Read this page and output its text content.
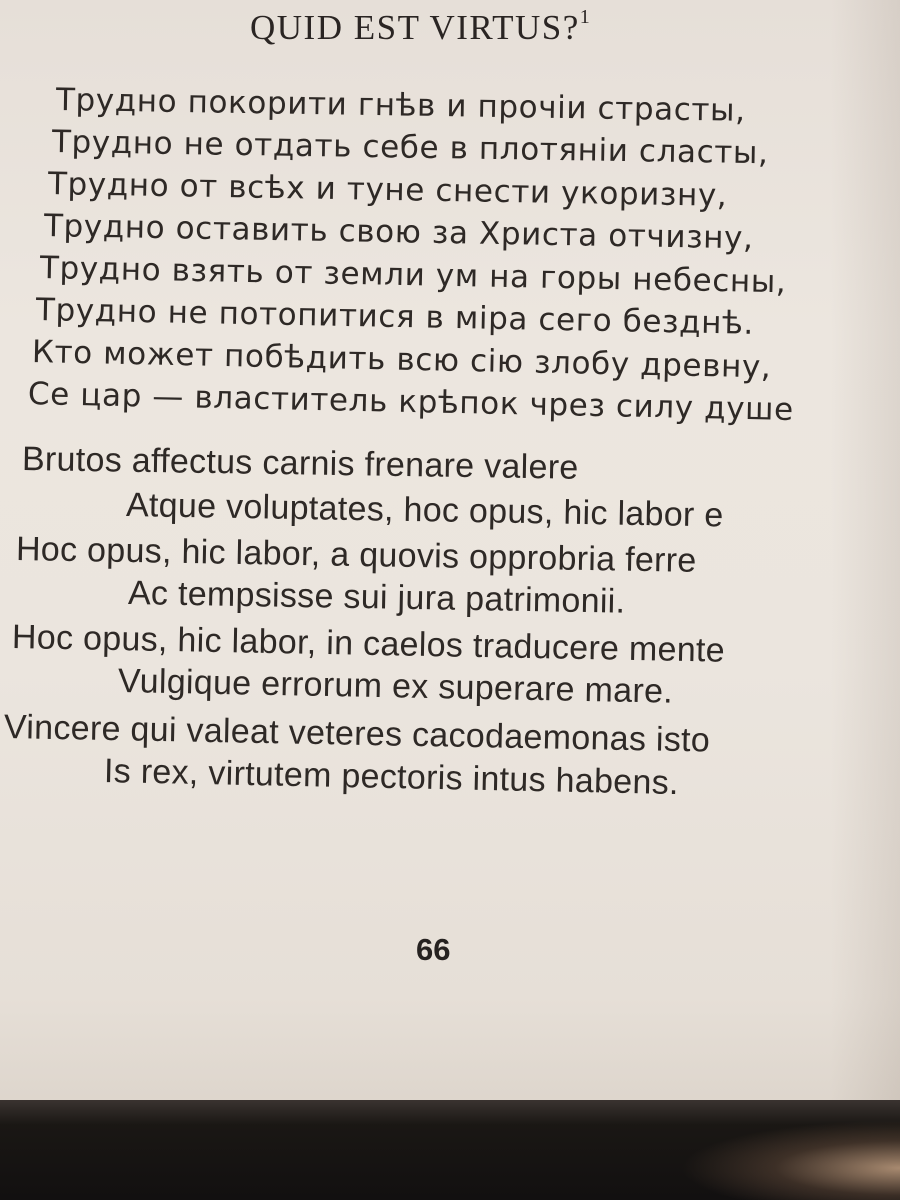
QUID EST VIRTUS?$^1$
Трудно покорити гнѣв и прочіи страсты,
Трудно не отдать себе в плотяніи сласты,
Трудно от всѣх и туне снести укоризну,
Трудно оставить свою за Христа отчизну,
Трудно взять от земли ум на горы небесны,
Трудно не потопитися в міра сего безднѣ.
Кто может побѣдить всю сію злобу древну,
Се цар — властитель крѣпок чрез силу душе
Brutos affectus carnis frenare valere
Atque voluptates, hoc opus, hic labor e
Hoc opus, hic labor, a quovis opprobria ferre
Ac tempsisse sui jura patrimonii.
Hoc opus, hic labor, in caelos traducere mente
Vulgique errorum ex superare mare.
Vincere qui valeat veteres cacodaemonas isto
Is rex, virtutem pectoris intus habens.
66
